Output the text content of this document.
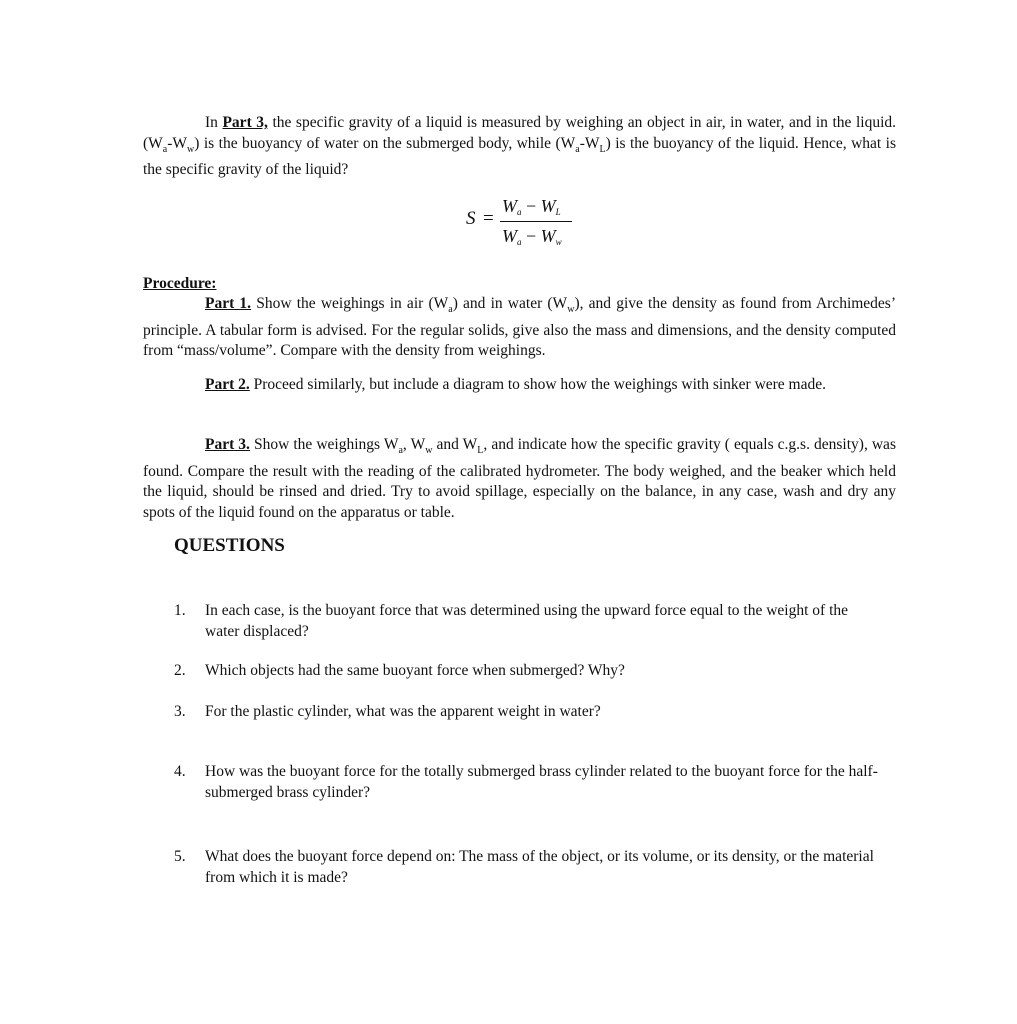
In Part 3, the specific gravity of a liquid is measured by weighing an object in air, in water, and in the liquid. $(W_a-W_w)$ is the buoyancy of water on the submerged body, while $(W_a-W_L)$ is the buoyancy of the liquid. Hence, what is the specific gravity of the liquid?

S =
$W_a - W_L$
$W_a - W_w$
Procedure:

Part 1. Show the weighings in air $(W_a)$ and in water $(W_w)$, and give the density as found from Archimedes’ principle. A tabular form is advised. For the regular solids, give also the mass and dimensions, and the density computed from “mass/volume”. Compare with the density from weighings.

Part 2. Proceed similarly, but include a diagram to show how the weighings with sinker were made.

Part 3. Show the weighings $W_a$, $W_w$ and $W_L$, and indicate how the specific gravity ( equals c.g.s. density), was found. Compare the result with the reading of the calibrated hydrometer. The body weighed, and the beaker which held the liquid, should be rinsed and dried. Try to avoid spillage, especially on the balance, in any case, wash and dry any spots of the liquid found on the apparatus or table.

QUESTIONS
1. In each case, is the buoyant force that was determined using the upward force equal to the weight of the water displaced?
2. Which objects had the same buoyant force when submerged? Why?
3. For the plastic cylinder, what was the apparent weight in water?
4. How was the buoyant force for the totally submerged brass cylinder related to the buoyant force for the half-submerged brass cylinder?
5. What does the buoyant force depend on: The mass of the object, or its volume, or its density, or the material from which it is made?
